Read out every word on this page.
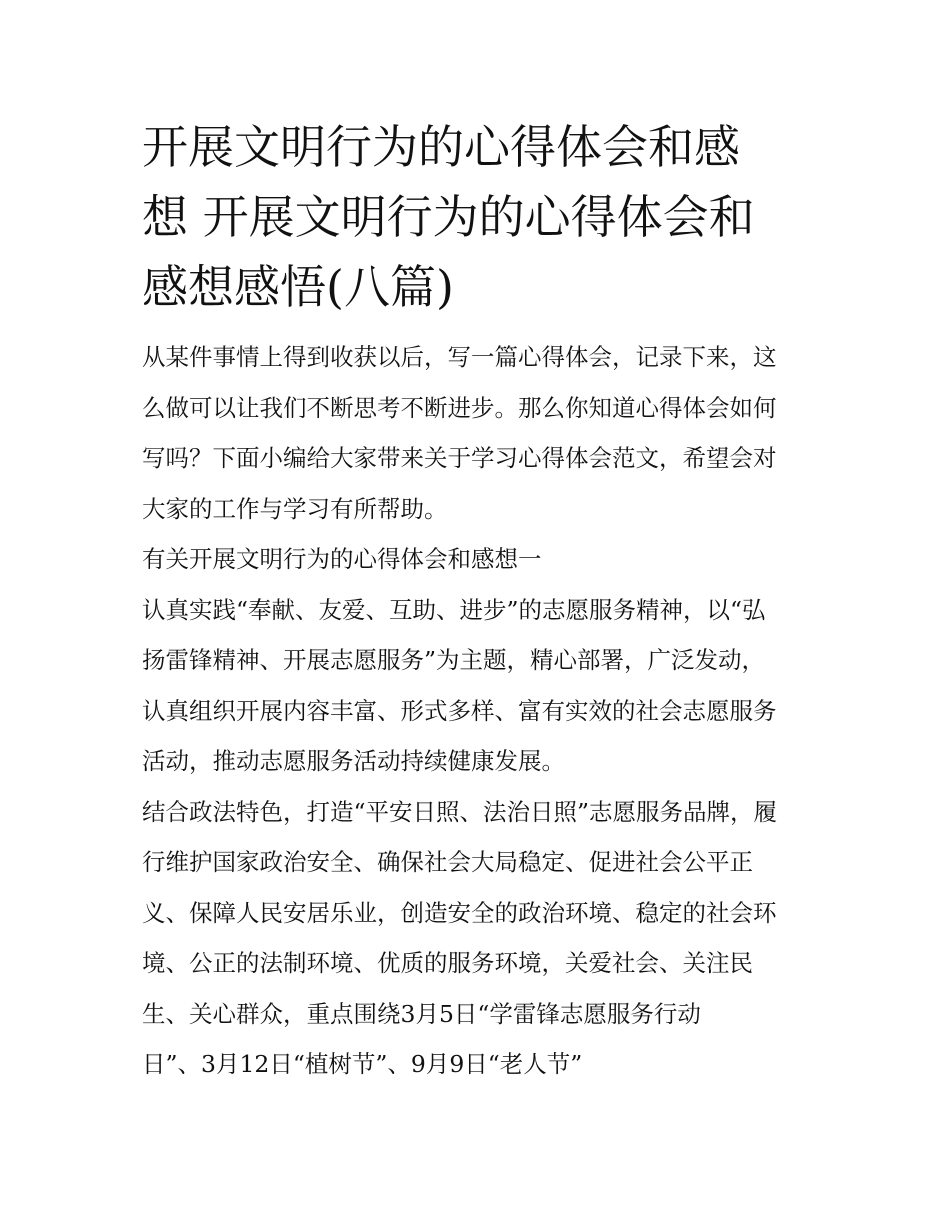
开展文明行为的心得体会和感
想 开展文明行为的心得体会和
感想感悟(八篇)
从某件事情上得到收获以后，写一篇心得体会，记录下来，这
么做可以让我们不断思考不断进步。那么你知道心得体会如何
写吗？下面小编给大家带来关于学习心得体会范文，希望会对
大家的工作与学习有所帮助。
有关开展文明行为的心得体会和感想一
认真实践“奉献、友爱、互助、进步”的志愿服务精神，以“弘
扬雷锋精神、开展志愿服务”为主题，精心部署，广泛发动，
认真组织开展内容丰富、形式多样、富有实效的社会志愿服务
活动，推动志愿服务活动持续健康发展。
结合政法特色，打造“平安日照、法治日照”志愿服务品牌，履
行维护国家政治安全、确保社会大局稳定、促进社会公平正
义、保障人民安居乐业，创造安全的政治环境、稳定的社会环
境、公正的法制环境、优质的服务环境，关爱社会、关注民
生、关心群众，重点围绕3月5日“学雷锋志愿服务行动
日”、3月12日“植树节”、9月9日“老人节”
